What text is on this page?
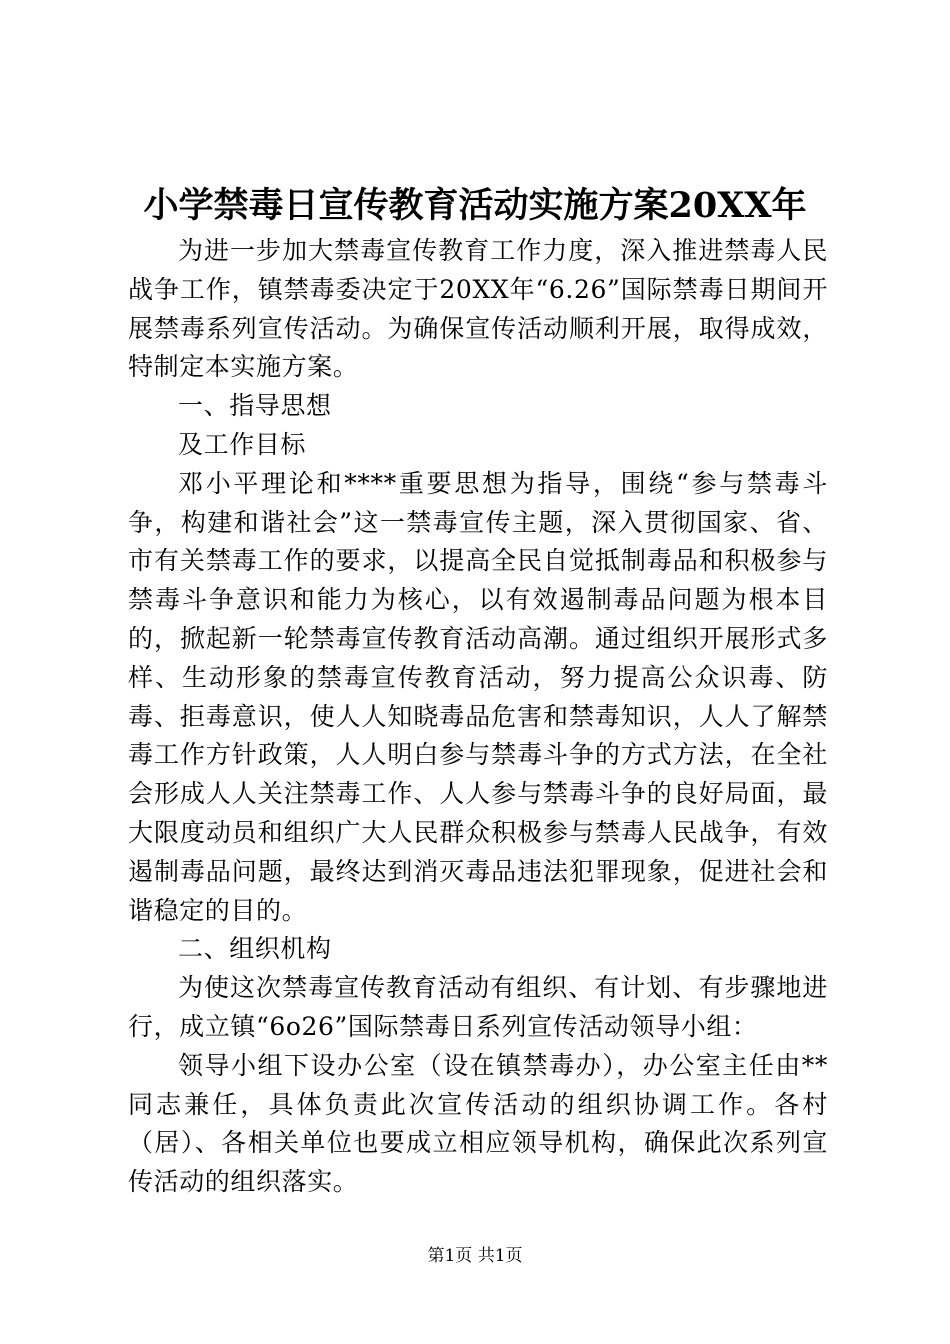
小学禁毒日宣传教育活动实施方案20XX年

为进一步加大禁毒宣传教育工作力度，深入推进禁毒人民战争工作，镇禁毒委决定于20XX年“6.26”国际禁毒日期间开展禁毒系列宣传活动。为确保宣传活动顺利开展，取得成效，特制定本实施方案。

一、指导思想

及工作目标

邓小平理论和****重要思想为指导，围绕“参与禁毒斗争，构建和谐社会”这一禁毒宣传主题，深入贯彻国家、省、市有关禁毒工作的要求，以提高全民自觉抵制毒品和积极参与禁毒斗争意识和能力为核心，以有效遏制毒品问题为根本目的，掀起新一轮禁毒宣传教育活动高潮。通过组织开展形式多样、生动形象的禁毒宣传教育活动，努力提高公众识毒、防毒、拒毒意识，使人人知晓毒品危害和禁毒知识，人人了解禁毒工作方针政策，人人明白参与禁毒斗争的方式方法，在全社会形成人人关注禁毒工作、人人参与禁毒斗争的良好局面，最大限度动员和组织广大人民群众积极参与禁毒人民战争，有效遏制毒品问题，最终达到消灭毒品违法犯罪现象，促进社会和谐稳定的目的。

二、组织机构

为使这次禁毒宣传教育活动有组织、有计划、有步骤地进行，成立镇“6o26”国际禁毒日系列宣传活动领导小组：

领导小组下设办公室（设在镇禁毒办），办公室主任由**同志兼任，具体负责此次宣传活动的组织协调工作。各村（居）、各相关单位也要成立相应领导机构，确保此次系列宣传活动的组织落实。

第1页 共1页
